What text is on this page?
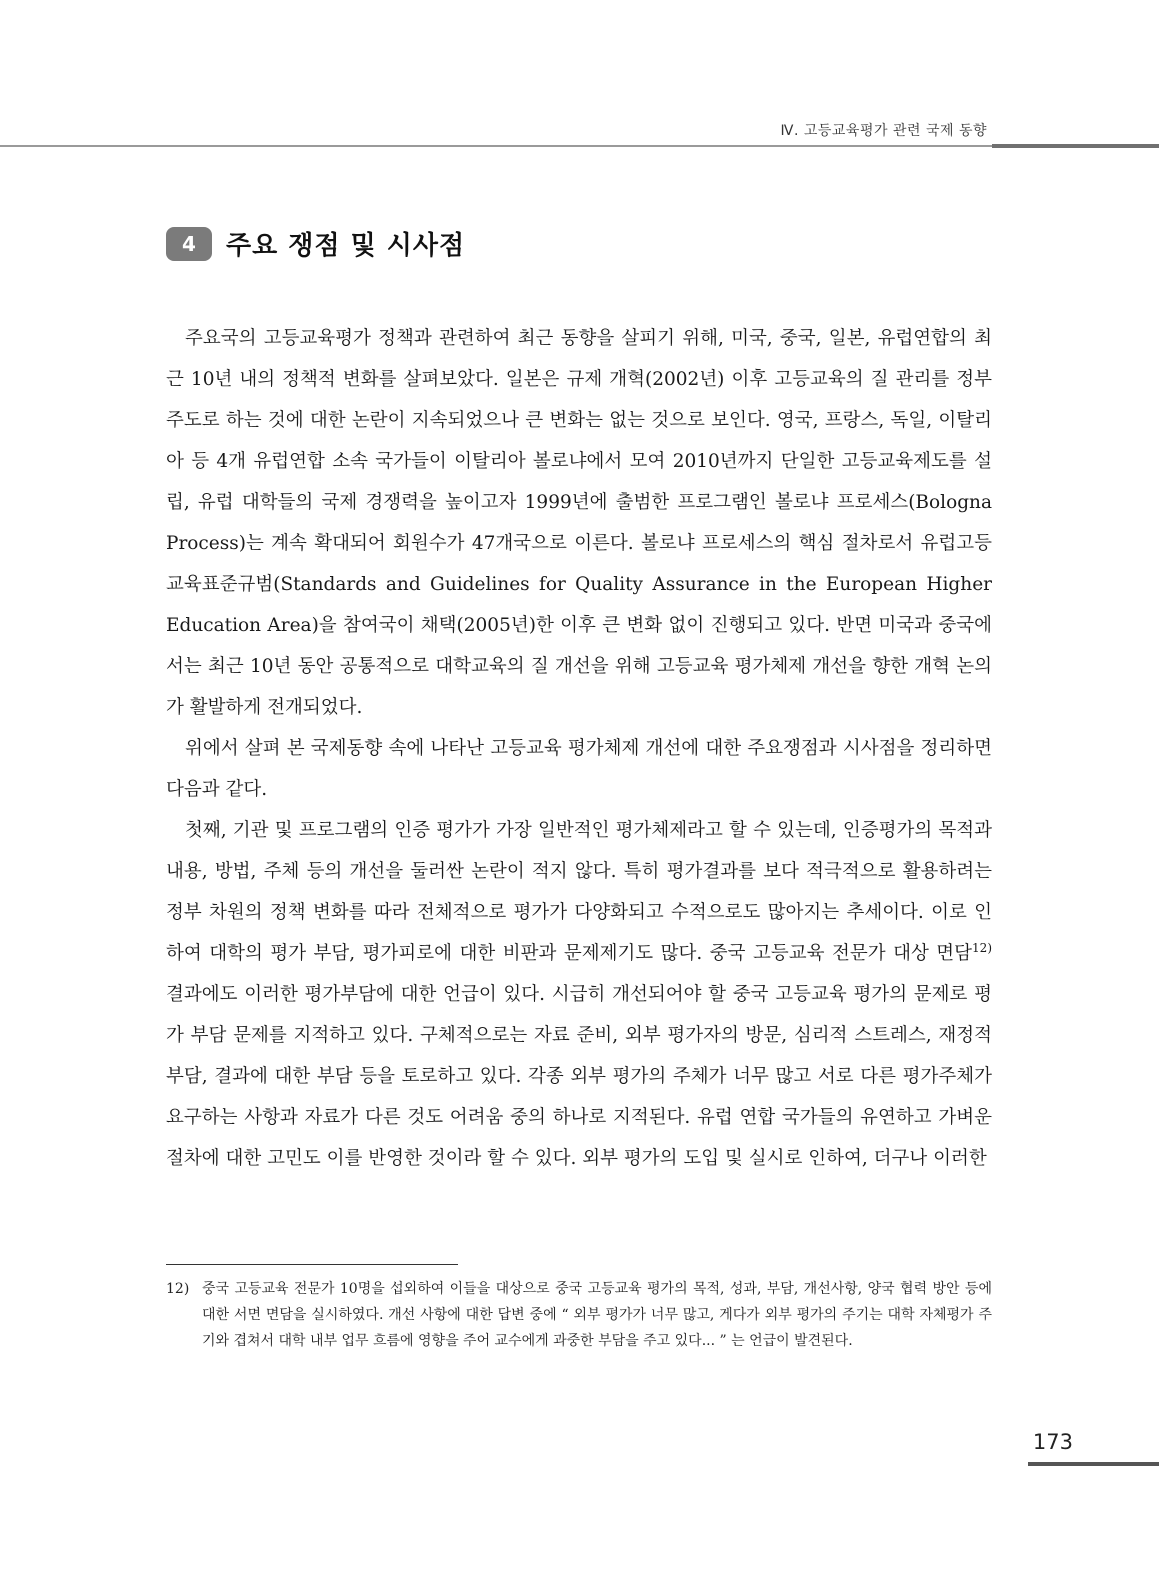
Ⅳ. 고등교육평가 관련 국제 동향
4	주요 쟁점 및 시사점

주요국의 고등교육평가 정책과 관련하여 최근 동향을 살피기 위해, 미국, 중국, 일본, 유럽연합의 최근 10년 내의 정책적 변화를 살펴보았다. 일본은 규제 개혁(2002년) 이후 고등교육의 질 관리를 정부 주도로 하는 것에 대한 논란이 지속되었으나 큰 변화는 없는 것으로 보인다. 영국, 프랑스, 독일, 이탈리아 등 4개 유럽연합 소속 국가들이 이탈리아 볼로냐에서 모여 2010년까지 단일한 고등교육제도를 설립, 유럽 대학들의 국제 경쟁력을 높이고자 1999년에 출범한 프로그램인 볼로냐 프로세스(Bologna Process)는 계속 확대되어 회원수가 47개국으로 이른다. 볼로냐 프로세스의 핵심 절차로서 유럽고등교육표준규범(Standards and Guidelines for Quality Assurance in the European Higher Education Area)을 참여국이 채택(2005년)한 이후 큰 변화 없이 진행되고 있다. 반면 미국과 중국에서는 최근 10년 동안 공통적으로 대학교육의 질 개선을 위해 고등교육 평가체제 개선을 향한 개혁 논의가 활발하게 전개되었다.

위에서 살펴 본 국제동향 속에 나타난 고등교육 평가체제 개선에 대한 주요쟁점과 시사점을 정리하면 다음과 같다.

첫째, 기관 및 프로그램의 인증 평가가 가장 일반적인 평가체제라고 할 수 있는데, 인증평가의 목적과 내용, 방법, 주체 등의 개선을 둘러싼 논란이 적지 않다. 특히 평가결과를 보다 적극적으로 활용하려는 정부 차원의 정책 변화를 따라 전체적으로 평가가 다양화되고 수적으로도 많아지는 추세이다. 이로 인하여 대학의 평가 부담, 평가피로에 대한 비판과 문제제기도 많다. 중국 고등교육 전문가 대상 면담$^{12)}$ 결과에도 이러한 평가부담에 대한 언급이 있다. 시급히 개선되어야 할 중국 고등교육 평가의 문제로 평가 부담 문제를 지적하고 있다. 구체적으로는 자료 준비, 외부 평가자의 방문, 심리적 스트레스, 재정적 부담, 결과에 대한 부담 등을 토로하고 있다. 각종 외부 평가의 주체가 너무 많고 서로 다른 평가주체가 요구하는 사항과 자료가 다른 것도 어려움 중의 하나로 지적된다. 유럽 연합 국가들의 유연하고 가벼운 절차에 대한 고민도 이를 반영한 것이라 할 수 있다. 외부 평가의 도입 및 실시로 인하여, 더구나 이러한

12) 중국 고등교육 전문가 10명을 섭외하여 이들을 대상으로 중국 고등교육 평가의 목적, 성과, 부담, 개선사항, 양국 협력 방안 등에 대한 서면 면담을 실시하였다. 개선 사항에 대한 답변 중에 “ 외부 평가가 너무 많고, 게다가 외부 평가의 주기는 대학 자체평가 주기와 겹쳐서 대학 내부 업무 흐름에 영향을 주어 교수에게 과중한 부담을 주고 있다... ” 는 언급이 발견된다.
173
